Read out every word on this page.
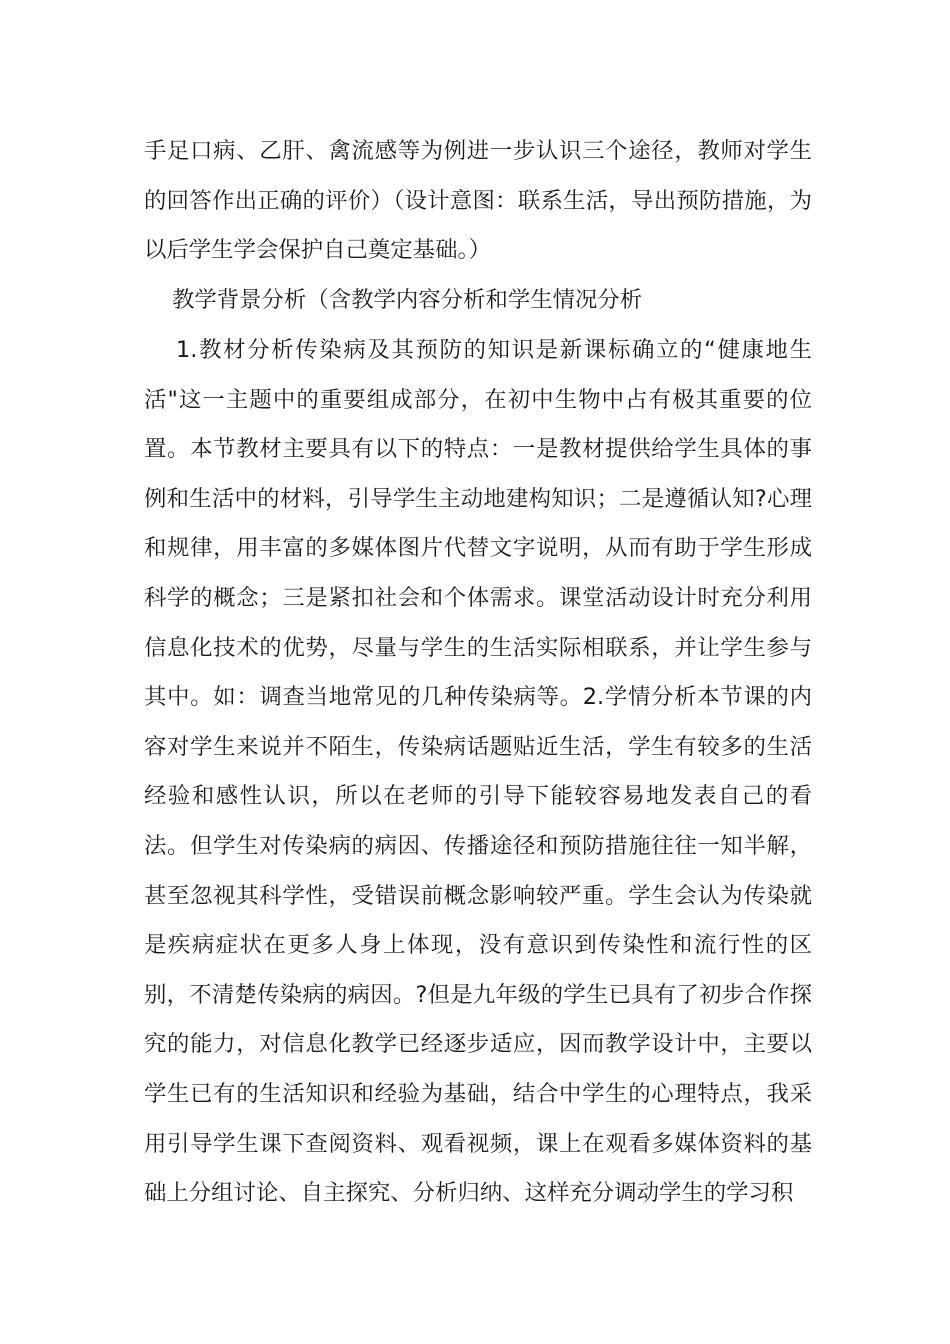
手足口病、乙肝、禽流感等为例进一步认识三个途径，教师对学生的回答作出正确的评价）（设计意图：联系生活，导出预防措施，为以后学生学会保护自己奠定基础。）

教学背景分析（含教学内容分析和学生情况分析

1.教材分析传染病及其预防的知识是新课标确立的“健康地生活"这一主题中的重要组成部分，在初中生物中占有极其重要的位置。本节教材主要具有以下的特点：一是教材提供给学生具体的事例和生活中的材料，引导学生主动地建构知识；二是遵循认知?心理和规律，用丰富的多媒体图片代替文字说明，从而有助于学生形成科学的概念；三是紧扣社会和个体需求。课堂活动设计时充分利用信息化技术的优势，尽量与学生的生活实际相联系，并让学生参与其中。如：调查当地常见的几种传染病等。2.学情分析本节课的内容对学生来说并不陌生，传染病话题贴近生活，学生有较多的生活经验和感性认识，所以在老师的引导下能较容易地发表自己的看法。但学生对传染病的病因、传播途径和预防措施往往一知半解，甚至忽视其科学性，受错误前概念影响较严重。学生会认为传染就是疾病症状在更多人身上体现，没有意识到传染性和流行性的区别，不清楚传染病的病因。?但是九年级的学生已具有了初步合作探究的能力，对信息化教学已经逐步适应，因而教学设计中，主要以学生已有的生活知识和经验为基础，结合中学生的心理特点，我采用引导学生课下查阅资料、观看视频，课上在观看多媒体资料的基础上分组讨论、自主探究、分析归纳、这样充分调动学生的学习积
